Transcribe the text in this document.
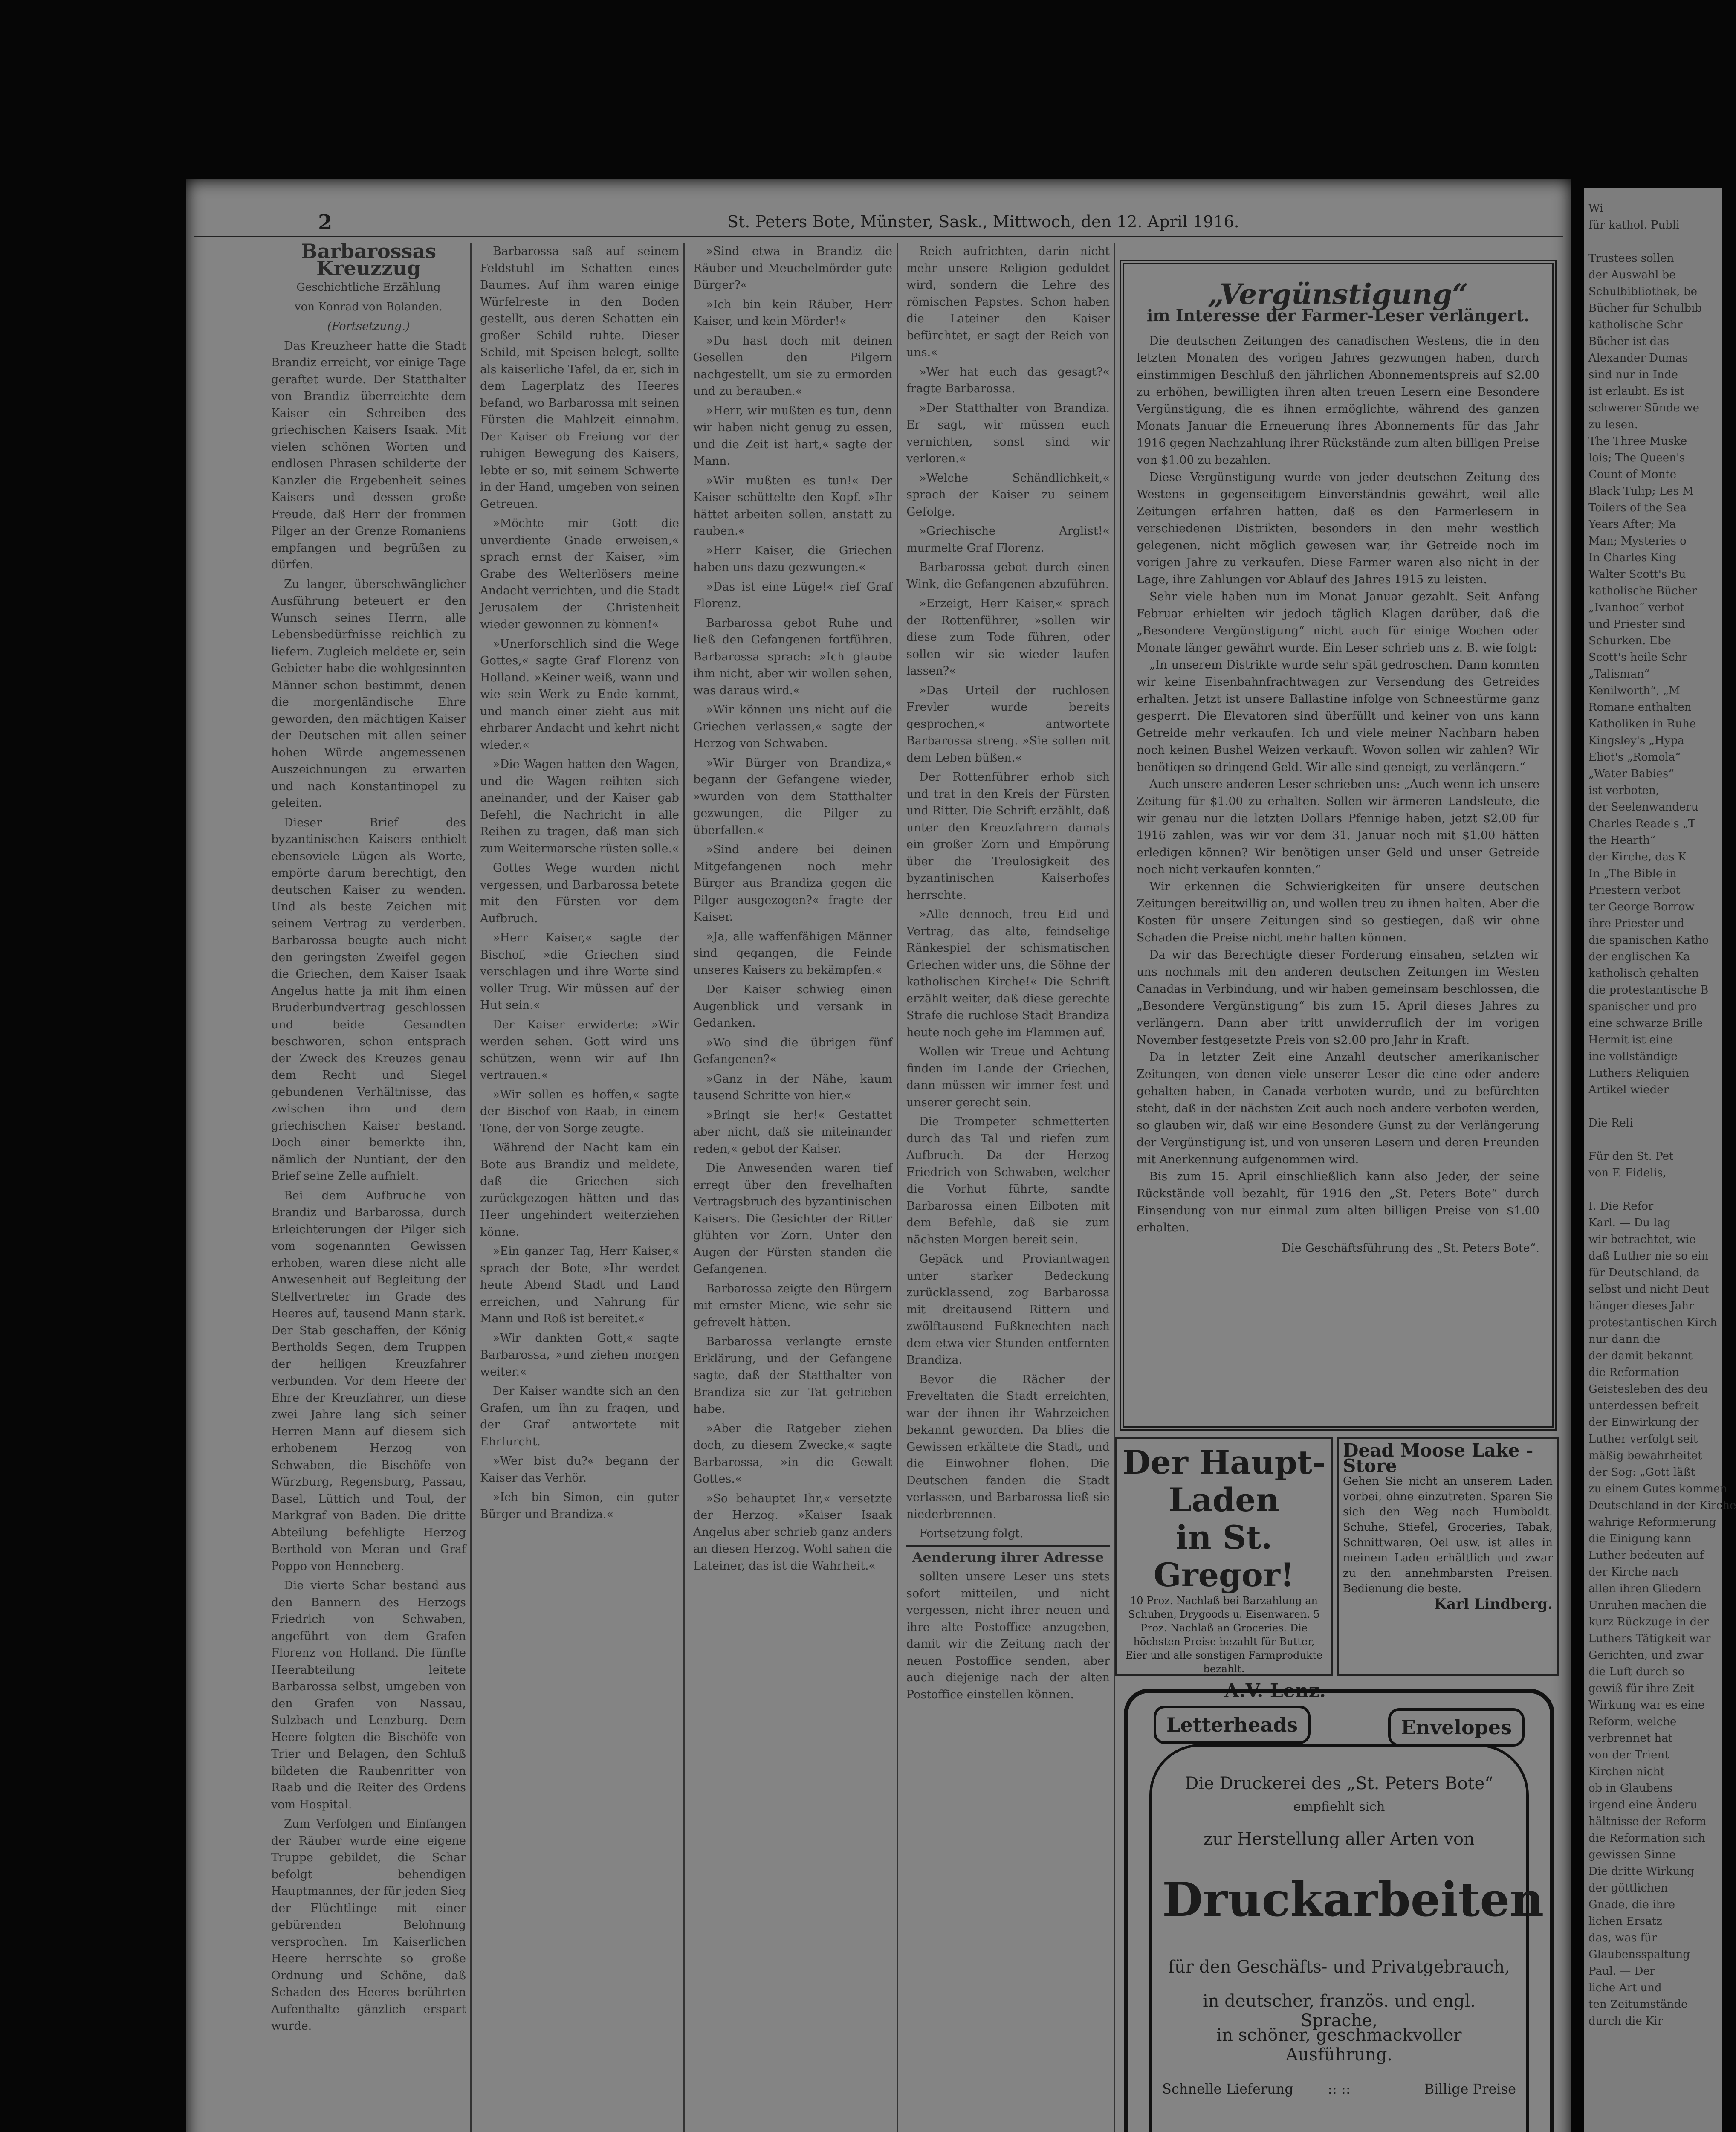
2	St. Peters Bote, Münster, Sask., Mittwoch, den 12. April 1916.

Barbarossas Kreuzzug

Geschichtliche Erzählung

von Konrad von Bolanden.

(Fortsetzung.)

Das Kreuzheer hatte die Stadt Brandiz erreicht, vor einige Tage geraftet wurde. Der Statthalter von Brandiz überreichte dem Kaiser ein Schreiben des griechischen Kaisers Isaak. Mit vielen schönen Worten und endlosen Phrasen schilderte der Kanzler die Ergebenheit seines Kaisers und dessen große Freude, daß Herr der frommen Pilger an der Grenze Romaniens empfangen und begrüßen zu dürfen.

Zu langer, überschwänglicher Ausführung beteuert er den Wunsch seines Herrn, alle Lebensbedürfnisse reichlich zu liefern. Zugleich meldete er, sein Gebieter habe die wohlgesinnten Männer schon bestimmt, denen die morgenländische Ehre geworden, den mächtigen Kaiser der Deutschen mit allen seiner hohen Würde angemessenen Auszeichnungen zu erwarten und nach Konstantinopel zu geleiten.

Dieser Brief des byzantinischen Kaisers enthielt ebensoviele Lügen als Worte, empörte darum berechtigt, den deutschen Kaiser zu wenden. Und als beste Zeichen mit seinem Vertrag zu verderben. Barbarossa beugte auch nicht den geringsten Zweifel gegen die Griechen, dem Kaiser Isaak Angelus hatte ja mit ihm einen Bruderbundvertrag geschlossen und beide Gesandten beschworen, schon entsprach der Zweck des Kreuzes genau dem Recht und Siegel gebundenen Verhältnisse, das zwischen ihm und dem griechischen Kaiser bestand. Doch einer bemerkte ihn, nämlich der Nuntiant, der den Brief seine Zelle aufhielt.

Bei dem Aufbruche von Brandiz und Barbarossa, durch Erleichterungen der Pilger sich vom sogenannten Gewissen erhoben, waren diese nicht alle Anwesenheit auf Begleitung der Stellvertreter im Grade des Heeres auf, tausend Mann stark. Der Stab geschaffen, der König Bertholds Segen, dem Truppen der heiligen Kreuzfahrer verbunden. Vor dem Heere der Ehre der Kreuzfahrer, um diese zwei Jahre lang sich seiner Herren Mann auf diesem sich erhobenem Herzog von Schwaben, die Bischöfe von Würzburg, Regensburg, Passau, Basel, Lüttich und Toul, der Markgraf von Baden. Die dritte Abteilung befehligte Herzog Berthold von Meran und Graf Poppo von Henneberg.

Die vierte Schar bestand aus den Bannern des Herzogs Friedrich von Schwaben, angeführt von dem Grafen Florenz von Holland. Die fünfte Heerabteilung leitete Barbarossa selbst, umgeben von den Grafen von Nassau, Sulzbach und Lenzburg. Dem Heere folgten die Bischöfe von Trier und Belagen, den Schluß bildeten die Raubenritter von Raab und die Reiter des Ordens vom Hospital.

Zum Verfolgen und Einfangen der Räuber wurde eine eigene Truppe gebildet, die Schar befolgt behendigen Hauptmannes, der für jeden Sieg der Flüchtlinge mit einer gebürenden Belohnung versprochen. Im Kaiserlichen Heere herrschte so große Ordnung und Schöne, daß Schaden des Heeres berührten Aufenthalte gänzlich erspart wurde.

Barbarossa saß auf seinem Feldstuhl im Schatten eines Baumes. Auf ihm waren einige Würfelreste in den Boden gestellt, aus deren Schatten ein großer Schild ruhte. Dieser Schild, mit Speisen belegt, sollte als kaiserliche Tafel, da er, sich in dem Lagerplatz des Heeres befand, wo Barbarossa mit seinen Fürsten die Mahlzeit einnahm. Der Kaiser ob Freiung vor der ruhigen Bewegung des Kaisers, lebte er so, mit seinem Schwerte in der Hand, umgeben von seinen Getreuen.

»Möchte mir Gott die unverdiente Gnade erweisen,« sprach ernst der Kaiser, »im Grabe des Welterlösers meine Andacht verrichten, und die Stadt Jerusalem der Christenheit wieder gewonnen zu können!«

»Unerforschlich sind die Wege Gottes,« sagte Graf Florenz von Holland. »Keiner weiß, wann und wie sein Werk zu Ende kommt, und manch einer zieht aus mit ehrbarer Andacht und kehrt nicht wieder.«

»Die Wagen hatten den Wagen, und die Wagen reihten sich aneinander, und der Kaiser gab Befehl, die Nachricht in alle Reihen zu tragen, daß man sich zum Weitermarsche rüsten solle.«

Gottes Wege wurden nicht vergessen, und Barbarossa betete mit den Fürsten vor dem Aufbruch.

»Herr Kaiser,« sagte der Bischof, »die Griechen sind verschlagen und ihre Worte sind voller Trug. Wir müssen auf der Hut sein.«

Der Kaiser erwiderte: »Wir werden sehen. Gott wird uns schützen, wenn wir auf Ihn vertrauen.«

»Wir sollen es hoffen,« sagte der Bischof von Raab, in einem Tone, der von Sorge zeugte.

Während der Nacht kam ein Bote aus Brandiz und meldete, daß die Griechen sich zurückgezogen hätten und das Heer ungehindert weiterziehen könne.

»Ein ganzer Tag, Herr Kaiser,« sprach der Bote, »Ihr werdet heute Abend Stadt und Land erreichen, und Nahrung für Mann und Roß ist bereitet.«

»Wir dankten Gott,« sagte Barbarossa, »und ziehen morgen weiter.«

Der Kaiser wandte sich an den Grafen, um ihn zu fragen, und der Graf antwortete mit Ehrfurcht.

»Wer bist du?« begann der Kaiser das Verhör.

»Ich bin Simon, ein guter Bürger und Brandiza.«

»Sind etwa in Brandiz die Räuber und Meuchelmörder gute Bürger?«

»Ich bin kein Räuber, Herr Kaiser, und kein Mörder!«

»Du hast doch mit deinen Gesellen den Pilgern nachgestellt, um sie zu ermorden und zu berauben.«

»Herr, wir mußten es tun, denn wir haben nicht genug zu essen, und die Zeit ist hart,« sagte der Mann.

»Wir mußten es tun!« Der Kaiser schüttelte den Kopf. »Ihr hättet arbeiten sollen, anstatt zu rauben.«

»Herr Kaiser, die Griechen haben uns dazu gezwungen.«

»Das ist eine Lüge!« rief Graf Florenz.

Barbarossa gebot Ruhe und ließ den Gefangenen fortführen. Barbarossa sprach: »Ich glaube ihm nicht, aber wir wollen sehen, was daraus wird.«

»Wir können uns nicht auf die Griechen verlassen,« sagte der Herzog von Schwaben.

»Wir Bürger von Brandiza,« begann der Gefangene wieder, »wurden von dem Statthalter gezwungen, die Pilger zu überfallen.«

»Sind andere bei deinen Mitgefangenen noch mehr Bürger aus Brandiza gegen die Pilger ausgezogen?« fragte der Kaiser.

»Ja, alle waffenfähigen Männer sind gegangen, die Feinde unseres Kaisers zu bekämpfen.«

Der Kaiser schwieg einen Augenblick und versank in Gedanken.

»Wo sind die übrigen fünf Gefangenen?«

»Ganz in der Nähe, kaum tausend Schritte von hier.«

»Bringt sie her!« Gestattet aber nicht, daß sie miteinander reden,« gebot der Kaiser.

Die Anwesenden waren tief erregt über den frevelhaften Vertragsbruch des byzantinischen Kaisers. Die Gesichter der Ritter glühten vor Zorn. Unter den Augen der Fürsten standen die Gefangenen.

Barbarossa zeigte den Bürgern mit ernster Miene, wie sehr sie gefrevelt hätten.

Barbarossa verlangte ernste Erklärung, und der Gefangene sagte, daß der Statthalter von Brandiza sie zur Tat getrieben habe.

»Aber die Ratgeber ziehen doch, zu diesem Zwecke,« sagte Barbarossa, »in die Gewalt Gottes.«

»So behauptet Ihr,« versetzte der Herzog. »Kaiser Isaak Angelus aber schrieb ganz anders an diesen Herzog. Wohl sahen die Lateiner, das ist die Wahrheit.«

Reich aufrichten, darin nicht mehr unsere Religion geduldet wird, sondern die Lehre des römischen Papstes. Schon haben die Lateiner den Kaiser befürchtet, er sagt der Reich von uns.«

»Wer hat euch das gesagt?« fragte Barbarossa.

»Der Statthalter von Brandiza. Er sagt, wir müssen euch vernichten, sonst sind wir verloren.«

»Welche Schändlichkeit,« sprach der Kaiser zu seinem Gefolge.

»Griechische Arglist!« murmelte Graf Florenz.

Barbarossa gebot durch einen Wink, die Gefangenen abzuführen.

»Erzeigt, Herr Kaiser,« sprach der Rottenführer, »sollen wir diese zum Tode führen, oder sollen wir sie wieder laufen lassen?«

»Das Urteil der ruchlosen Frevler wurde bereits gesprochen,« antwortete Barbarossa streng. »Sie sollen mit dem Leben büßen.«

Der Rottenführer erhob sich und trat in den Kreis der Fürsten und Ritter. Die Schrift erzählt, daß unter den Kreuzfahrern damals ein großer Zorn und Empörung über die Treulosigkeit des byzantinischen Kaiserhofes herrschte.

»Alle dennoch, treu Eid und Vertrag, das alte, feindselige Ränkespiel der schismatischen Griechen wider uns, die Söhne der katholischen Kirche!« Die Schrift erzählt weiter, daß diese gerechte Strafe die ruchlose Stadt Brandiza heute noch gehe im Flammen auf.

Wollen wir Treue und Achtung finden im Lande der Griechen, dann müssen wir immer fest und unserer gerecht sein.

Die Trompeter schmetterten durch das Tal und riefen zum Aufbruch. Da der Herzog Friedrich von Schwaben, welcher die Vorhut führte, sandte Barbarossa einen Eilboten mit dem Befehle, daß sie zum nächsten Morgen bereit sein.

Gepäck und Proviantwagen unter starker Bedeckung zurücklassend, zog Barbarossa mit dreitausend Rittern und zwölftausend Fußknechten nach dem etwa vier Stunden entfernten Brandiza.

Bevor die Rächer der Freveltaten die Stadt erreichten, war der ihnen ihr Wahrzeichen bekannt geworden. Da blies die Gewissen erkältete die Stadt, und die Einwohner flohen. Die Deutschen fanden die Stadt verlassen, und Barbarossa ließ sie niederbrennen.

Fortsetzung folgt.

Aenderung ihrer Adresse

sollten unsere Leser uns stets sofort mitteilen, und nicht vergessen, nicht ihrer neuen und ihre alte Postoffice anzugeben, damit wir die Zeitung nach der neuen Postoffice senden, aber auch diejenige nach der alten Postoffice einstellen können.

„Vergünstigung“
im Interesse der Farmer-Leser verlängert.

Die deutschen Zeitungen des canadischen Westens, die in den letzten Monaten des vorigen Jahres gezwungen haben, durch einstimmigen Beschluß den jährlichen Abonnementspreis auf $2.00 zu erhöhen, bewilligten ihren alten treuen Lesern eine Besondere Vergünstigung, die es ihnen ermöglichte, während des ganzen Monats Januar die Erneuerung ihres Abonnements für das Jahr 1916 gegen Nachzahlung ihrer Rückstände zum alten billigen Preise von $1.00 zu bezahlen.

Diese Vergünstigung wurde von jeder deutschen Zeitung des Westens in gegenseitigem Einverständnis gewährt, weil alle Zeitungen erfahren hatten, daß es den Farmerlesern in verschiedenen Distrikten, besonders in den mehr westlich gelegenen, nicht möglich gewesen war, ihr Getreide noch im vorigen Jahre zu verkaufen. Diese Farmer waren also nicht in der Lage, ihre Zahlungen vor Ablauf des Jahres 1915 zu leisten.

Sehr viele haben nun im Monat Januar gezahlt. Seit Anfang Februar erhielten wir jedoch täglich Klagen darüber, daß die „Besondere Vergünstigung“ nicht auch für einige Wochen oder Monate länger gewährt wurde. Ein Leser schrieb uns z. B. wie folgt:

„In unserem Distrikte wurde sehr spät gedroschen. Dann konnten wir keine Eisenbahnfrachtwagen zur Versendung des Getreides erhalten. Jetzt ist unsere Ballastine infolge von Schneestürme ganz gesperrt. Die Elevatoren sind überfüllt und keiner von uns kann Getreide mehr verkaufen. Ich und viele meiner Nachbarn haben noch keinen Bushel Weizen verkauft. Wovon sollen wir zahlen? Wir benötigen so dringend Geld. Wir alle sind geneigt, zu verlängern.“

Auch unsere anderen Leser schrieben uns: „Auch wenn ich unsere Zeitung für $1.00 zu erhalten. Sollen wir ärmeren Landsleute, die wir genau nur die letzten Dollars Pfennige haben, jetzt $2.00 für 1916 zahlen, was wir vor dem 31. Januar noch mit $1.00 hätten erledigen können? Wir benötigen unser Geld und unser Getreide noch nicht verkaufen konnten.“

Wir erkennen die Schwierigkeiten für unsere deutschen Zeitungen bereitwillig an, und wollen treu zu ihnen halten. Aber die Kosten für unsere Zeitungen sind so gestiegen, daß wir ohne Schaden die Preise nicht mehr halten können.

Da wir das Berechtigte dieser Forderung einsahen, setzten wir uns nochmals mit den anderen deutschen Zeitungen im Westen Canadas in Verbindung, und wir haben gemeinsam beschlossen, die „Besondere Vergünstigung“ bis zum 15. April dieses Jahres zu verlängern. Dann aber tritt unwiderruflich der im vorigen November festgesetzte Preis von $2.00 pro Jahr in Kraft.

Da in letzter Zeit eine Anzahl deutscher amerikanischer Zeitungen, von denen viele unserer Leser die eine oder andere gehalten haben, in Canada verboten wurde, und zu befürchten steht, daß in der nächsten Zeit auch noch andere verboten werden, so glauben wir, daß wir eine Besondere Gunst zu der Verlängerung der Vergünstigung ist, und von unseren Lesern und deren Freunden mit Anerkennung aufgenommen wird.

Bis zum 15. April einschließlich kann also Jeder, der seine Rückstände voll bezahlt, für 1916 den „St. Peters Bote“ durch Einsendung von nur einmal zum alten billigen Preise von $1.00 erhalten.

Die Geschäftsführung des „St. Peters Bote“.
Der Haupt-Laden
in St. Gregor!
10 Proz. Nachlaß bei Barzahlung an Schuhen, Drygoods u. Eisenwaren. 5 Proz. Nachlaß an Groceries. Die höchsten Preise bezahlt für Butter, Eier und alle sonstigen Farmprodukte bezahlt.
A.V. Lenz.
Dead Moose Lake - Store

Gehen Sie nicht an unserem Laden vorbei, ohne einzutreten. Sparen Sie sich den Weg nach Humboldt. Schuhe, Stiefel, Groceries, Tabak, Schnittwaren, Oel usw. ist alles in meinem Laden erhältlich und zwar zu den annehmbarsten Preisen. Bedienung die beste.

Karl Lindberg.
Letterheads	Envelopes
Die Druckerei des „St. Peters Bote“
empfiehlt sich
zur Herstellung aller Arten von
Druckarbeiten
für den Geschäfts- und Privatgebrauch,
in deutscher, französ. und engl. Sprache,
in schöner, geschmackvoller Ausführung.
Schnelle Lieferung	:: ::	Billige Preise
Wi
für kathol. Publi
Trustees sollen
der Auswahl be
Schulbibliothek, be
Bücher für Schulbib
katholische Schr
Bücher ist das
Alexander Dumas
sind nur in Inde
ist erlaubt. Es ist
schwerer Sünde we
zu lesen.
The Three Muske
lois; The Queen's
Count of Monte
Black Tulip; Les M
Toilers of the Sea
Years After; Ma
Man; Mysteries o
In Charles King
Walter Scott's Bu
katholische Bücher
„Ivanhoe“ verbot
und Priester sind
Schurken. Ebe
Scott's heile Schr
„Talisman“
Kenilworth“, „M
Romane enthalten
Katholiken in Ruhe
Kingsley's „Hypa
Eliot's „Romola“
„Water Babies“
ist verboten,
der Seelenwanderu
Charles Reade's „T
the Hearth“
der Kirche, das K
In „The Bible in
Priestern verbot
ter George Borrow
ihre Priester und
die spanischen Katho
der englischen Ka
katholisch gehalten
die protestantische B
spanischer und pro
eine schwarze Brille
Hermit ist eine
ine vollständige
Luthers Reliquien
Artikel wieder
Die Reli
Für den St. Pet
von F. Fidelis,
I. Die Refor
Karl. — Du lag
wir betrachtet, wie
daß Luther nie so ein
für Deutschland, da
selbst und nicht Deut
hänger dieses Jahr
protestantischen Kirch
nur dann die
der damit bekannt
die Reformation
Geistesleben des deu
unterdessen befreit
der Einwirkung der
Luther verfolgt seit
mäßig bewahrheitet
der Sog: „Gott läßt
zu einem Gutes kommen
Deutschland in der Kirche
wahrige Reformierung
die Einigung kann
Luther bedeuten auf
der Kirche nach
allen ihren Gliedern
Unruhen machen die
kurz Rückzuge in der
Luthers Tätigkeit war
Gerichten, und zwar
die Luft durch so
gewiß für ihre Zeit
Wirkung war es eine
Reform, welche
verbrennet hat
von der Trient
Kirchen nicht
ob in Glaubens
irgend eine Änderu
hältnisse der Reform
die Reformation sich
gewissen Sinne
Die dritte Wirkung
der göttlichen
Gnade, die ihre
lichen Ersatz
das, was für
Glaubensspaltung
Paul. — Der
liche Art und
ten Zeitumstände
durch die Kir
